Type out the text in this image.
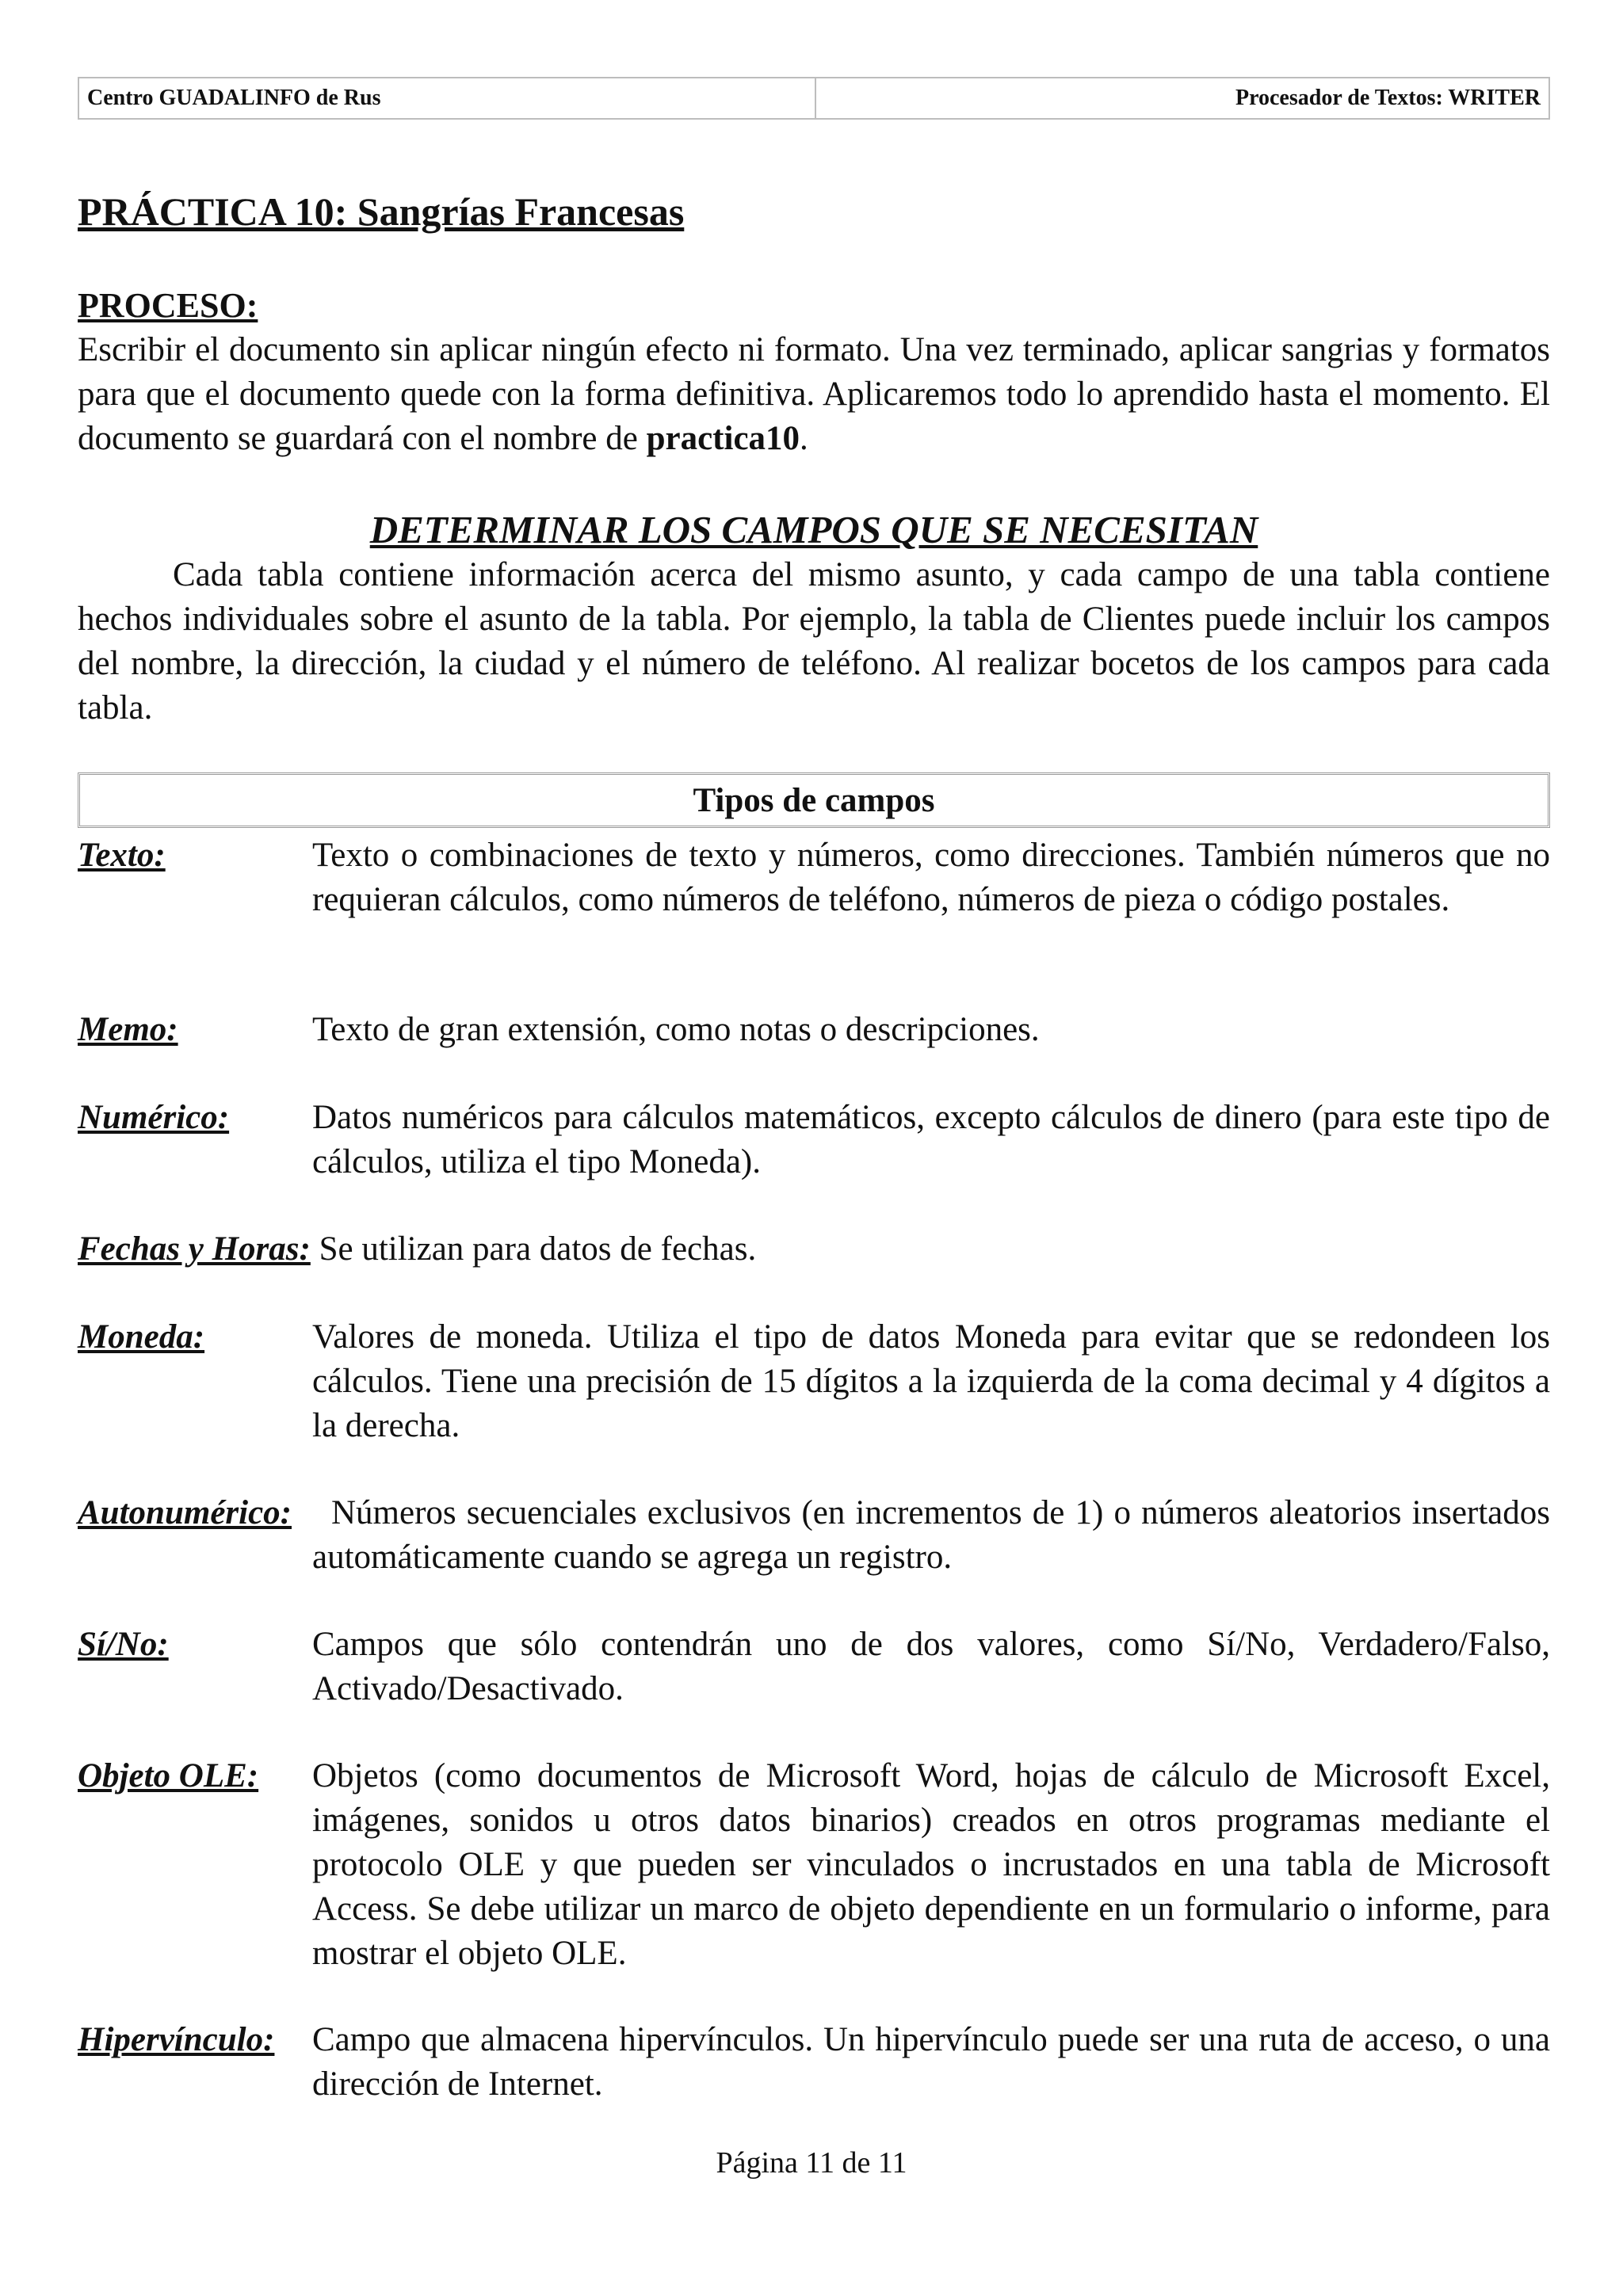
Centro GUADALINFO de Rus	Procesador de Textos: WRITER
PRÁCTICA 10: Sangrías Francesas
PROCESO:

Escribir el documento sin aplicar ningún efecto ni formato. Una vez terminado, aplicar sangrias y formatos para que el documento quede con la forma definitiva. Aplicaremos todo lo aprendido hasta el momento. El documento se guardará con el nombre de practica10.

DETERMINAR LOS CAMPOS QUE SE NECESITAN

Cada tabla contiene información acerca del mismo asunto, y cada campo de una tabla contiene hechos individuales sobre el asunto de la tabla. Por ejemplo, la tabla de Clientes puede incluir los campos del nombre, la dirección, la ciudad y el número de teléfono. Al realizar bocetos de los campos para cada tabla.

Tipos de campos
Texto:	Texto o combinaciones de texto y números, como direcciones. También números que no requieran cálculos, como números de teléfono, números de pieza o código postales.
Memo:	Texto de gran extensión, como notas o descripciones.
Numérico:	Datos numéricos para cálculos matemáticos, excepto cálculos de dinero (para este tipo de cálculos, utiliza el tipo Moneda).
Fechas y Horas: Se utilizan para datos de fechas.
Moneda:	Valores de moneda. Utiliza el tipo de datos Moneda para evitar que se redondeen los cálculos. Tiene una precisión de 15 dígitos a la izquierda de la coma decimal y 4 dígitos a la derecha.
Autonumérico:	Números secuenciales exclusivos (en incrementos de 1) o números aleatorios insertados automáticamente cuando se agrega un registro.
Sí/No:	Campos que sólo contendrán uno de dos valores, como Sí/No, Verdadero/Falso, Activado/Desactivado.
Objeto OLE:	Objetos (como documentos de Microsoft Word, hojas de cálculo de Microsoft Excel, imágenes, sonidos u otros datos binarios) creados en otros programas mediante el protocolo OLE y que pueden ser vinculados o incrustados en una tabla de Microsoft Access. Se debe utilizar un marco de objeto dependiente en un formulario o informe, para mostrar el objeto OLE.
Hipervínculo:	Campo que almacena hipervínculos. Un hipervínculo puede ser una ruta de acceso, o una dirección de Internet.
Página 11 de 11
